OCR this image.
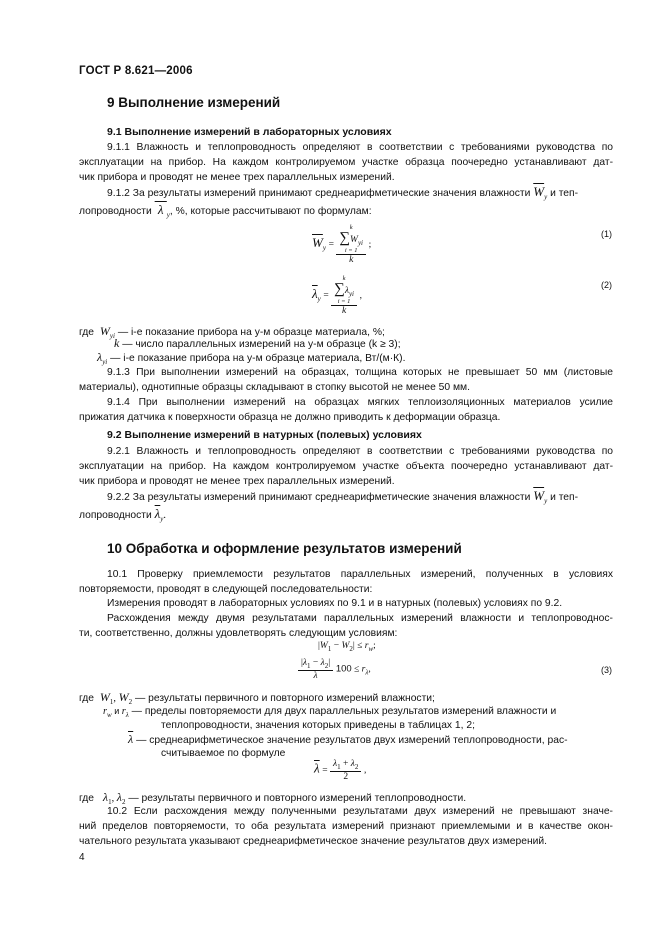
ГОСТ Р 8.621—2006
9 Выполнение измерений
9.1 Выполнение измерений в лабораторных условиях
9.1.1 Влажность и теплопроводность определяют в соответствии с требованиями руководства по
эксплуатации на прибор. На каждом контролируемом участке образца поочередно устанавливают дат-
чик прибора и проводят не менее трех параллельных измерений.
9.1.2 За результаты измерений принимают среднеарифметические значения влажности $\overline{W}_y$ и теп-
лопроводности  λ $_y$, %, которые рассчитывают по формулам:
$\overline{W}_y = k$
$\sum W_{yi}$
i = 1
k ;
(1)
$\overline{\lambda}_y = k$
$\sum\lambda_{yi}$
i = 1
k ,
(2)
где  $W_{yi}$ — i-е показание прибора на у-м образце материала, %;
k — число параллельных измерений на у-м образце (k ≥ 3);
$\lambda_{yi}$ — i-е показание прибора на у-м образце материала, Вт/(м·К).
9.1.3 При выполнении измерений на образцах, толщина которых не превышает 50 мм (листовые
материалы), однотипные образцы складывают в стопку высотой не менее 50 мм.
9.1.4 При выполнении измерений на образцах мягких теплоизоляционных материалов усилие
прижатия датчика к поверхности образца не должно приводить к деформации образца.
9.2 Выполнение измерений в натурных (полевых) условиях
9.2.1 Влажность и теплопроводность определяют в соответствии с требованиями руководства по
эксплуатации на прибор. На каждом контролируемом участке объекта поочередно устанавливают дат-
чик прибора и проводят не менее трех параллельных измерений.
9.2.2 За результаты измерений принимают среднеарифметические значения влажности $\overline{W}_y$ и теп-
лопроводности $\overline{\lambda}_y$.
10 Обработка и оформление результатов измерений
10.1 Проверку приемлемости результатов параллельных измерений, полученных в условиях
повторяемости, проводят в следующей последовательности:
Измерения проводят в лабораторных условиях по 9.1 и в натурных (полевых) условиях по 9.2.
Расхождения между двумя результатами параллельных измерений влажности и теплопроводнос-
ти, соответственно, должны удовлетворять следующим условиям:
$|W_1 - W_2| \le r_w$;
$\frac{|\lambda_1 - \lambda_2|}{\lambda} 100 \le r_\lambda$,	(3)
где  $W_1$, $W_2$ — результаты первичного и повторного измерений влажности;
$r_w$ и $r_\lambda$ — пределы повторяемости для двух параллельных результатов измерений влажности и
теплопроводности, значения которых приведены в таблицах 1, 2;
$\overline{\lambda}$ — среднеарифметическое значение результатов двух измерений теплопроводности, рас-
считываемое по формуле
$\overline{\lambda} = \frac{\lambda_1 + \lambda_2}{2}$ ,
где   $\lambda_1$, $\lambda_2$ — результаты первичного и повторного измерений теплопроводности.
10.2 Если расхождения между полученными результатами двух измерений не превышают значе-
ний пределов повторяемости, то оба результата измерений признают приемлемыми и в качестве окон-
чательного результата указывают среднеарифметическое значение результатов двух измерений.
4
